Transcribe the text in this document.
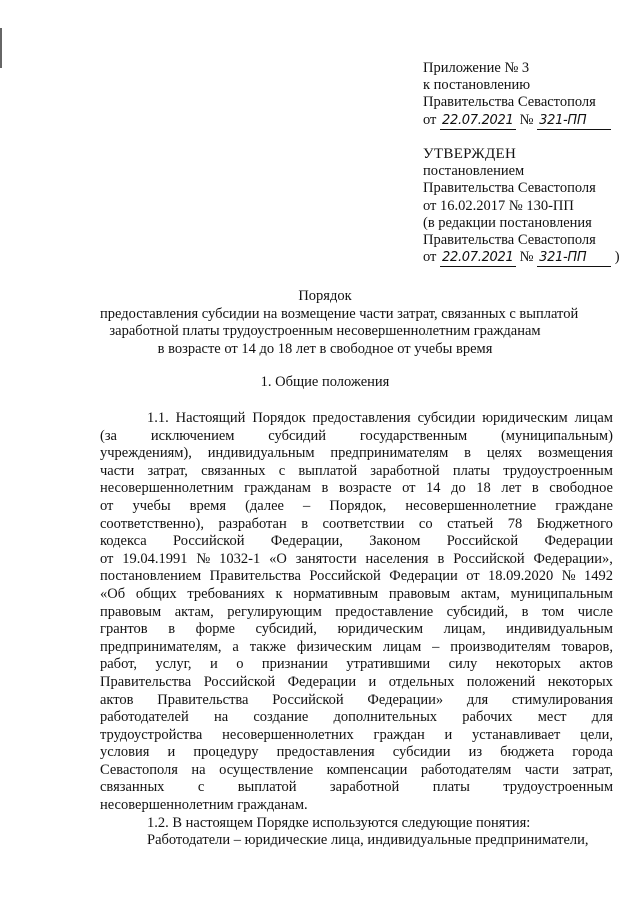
Приложение № 3
к постановлению
Правительства Севастополя
от 22.07.2021 № 321-ПП
УТВЕРЖДЕН
постановлением
Правительства Севастополя
от 16.02.2017 № 130-ПП
(в редакции постановления
Правительства Севастополя
от 22.07.2021 № 321-ПП )
Порядок
предоставления субсидии на возмещение части затрат, связанных с выплатой
заработной платы трудоустроенным несовершеннолетним гражданам
в возрасте от 14 до 18 лет в свободное от учебы время
1. Общие положения
1.1. Настоящий Порядок предоставления субсидии юридическим лицам
(за исключением субсидий государственным (муниципальным)
учреждениям), индивидуальным предпринимателям в целях возмещения
части затрат, связанных с выплатой заработной платы трудоустроенным
несовершеннолетним гражданам в возрасте от 14 до 18 лет в свободное
от учебы время (далее – Порядок, несовершеннолетние граждане
соответственно), разработан в соответствии со статьей 78 Бюджетного
кодекса Российской Федерации, Законом Российской Федерации
от 19.04.1991 № 1032-1 «О занятости населения в Российской Федерации»,
постановлением Правительства Российской Федерации от 18.09.2020 № 1492
«Об общих требованиях к нормативным правовым актам, муниципальным
правовым актам, регулирующим предоставление субсидий, в том числе
грантов в форме субсидий, юридическим лицам, индивидуальным
предпринимателям, а также физическим лицам – производителям товаров,
работ, услуг, и о признании утратившими силу некоторых актов
Правительства Российской Федерации и отдельных положений некоторых
актов Правительства Российской Федерации» для стимулирования
работодателей на создание дополнительных рабочих мест для
трудоустройства несовершеннолетних граждан и устанавливает цели,
условия и процедуру предоставления субсидии из бюджета города
Севастополя на осуществление компенсации работодателям части затрат,
связанных с выплатой заработной платы трудоустроенным
несовершеннолетним гражданам.
1.2. В настоящем Порядке используются следующие понятия:
Работодатели – юридические лица, индивидуальные предприниматели,
